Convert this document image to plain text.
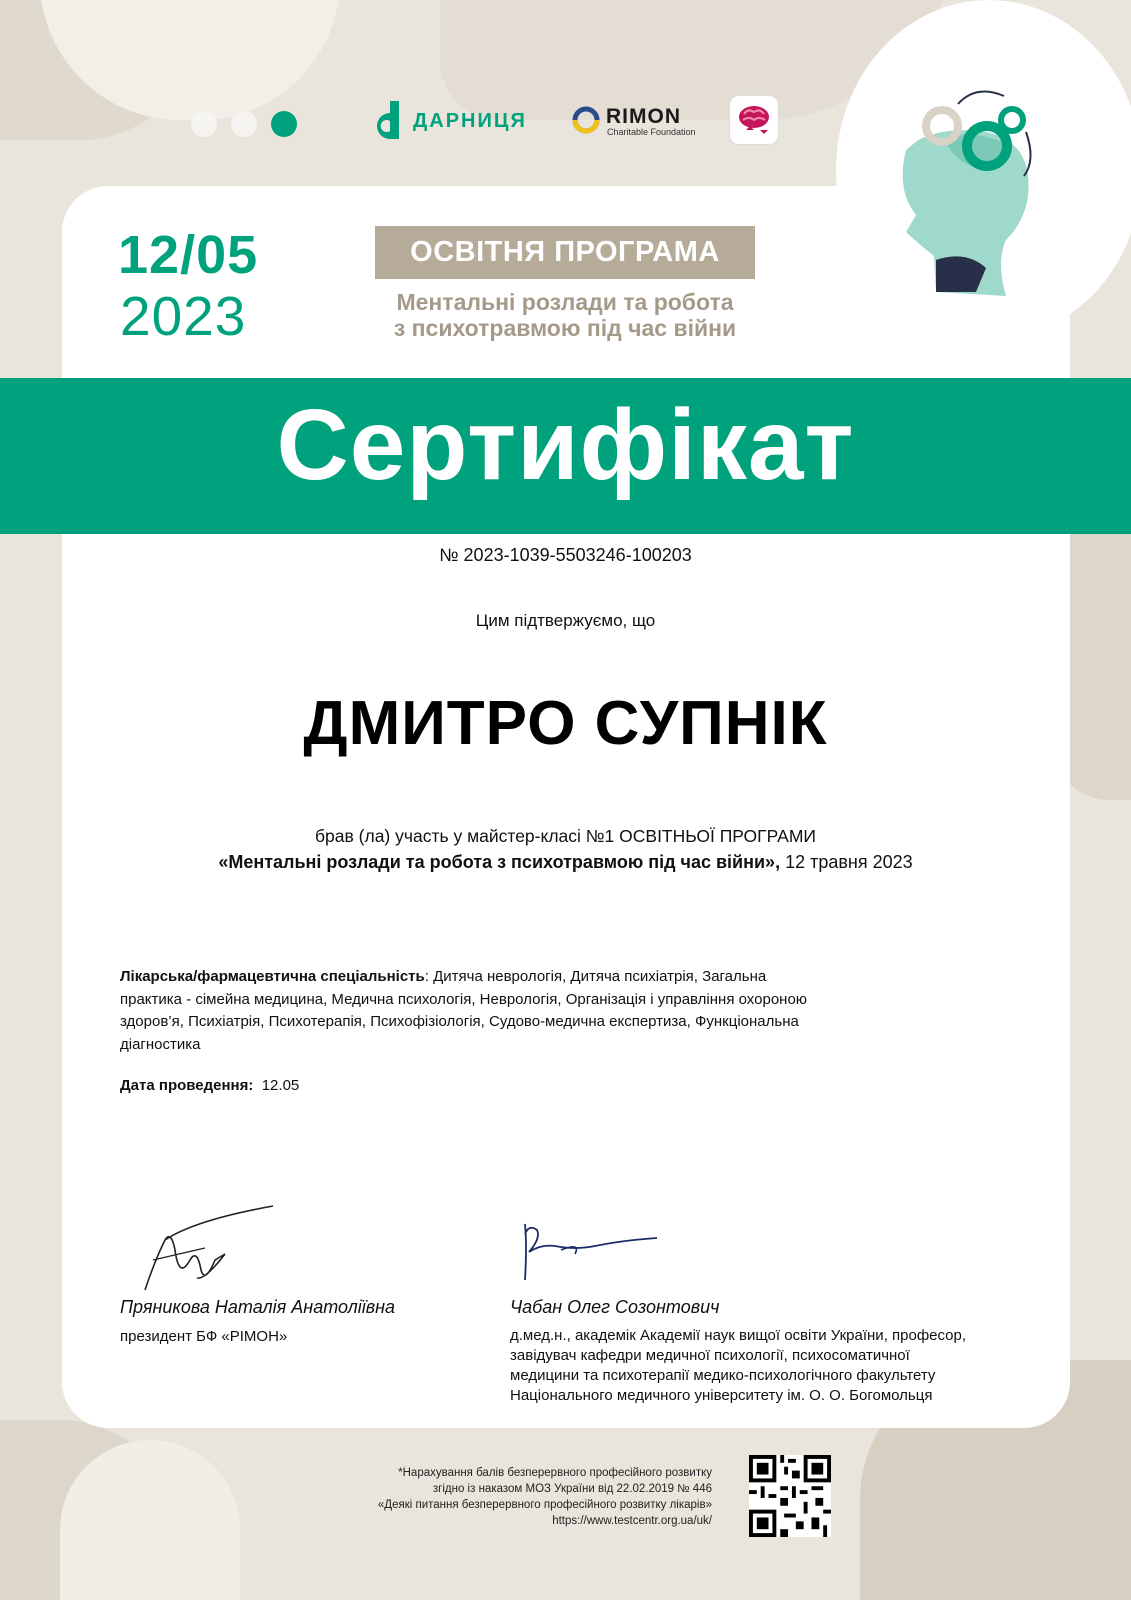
ДАРНИЦЯ	RIMON
Charitable Foundation
12/05
2023
ОСВІТНЯ ПРОГРАМА
Ментальні розлади та робота
з психотравмою під час війни
Сертифікат
№ 2023-1039-5503246-100203
Цим підтвержуємо, що
ДМИТРО СУПНІК
брав (ла) участь у майстер-класі №1 ОСВІТНЬОЇ ПРОГРАМИ
«Ментальні розлади та робота з психотравмою під час війни», 12 травня 2023
Лікарська/фармацевтична спеціальність: Дитяча неврологія, Дитяча психіатрія, Загальна практика - сімейна медицина, Медична психологія, Неврологія, Організація і управління охороною здоров’я, Психіатрія, Психотерапія, Психофізіологія, Судово-медична експертиза, Функціональна діагностика
Дата проведення: 12.05
Пряникова Наталія Анатоліївна
президент БФ «РІМОН»
Чабан Олег Созонтович
д.мед.н., академік Академії наук вищої освіти України, професор,
завідувач кафедри медичної психології, психосоматичної
медицини та психотерапії медико-психологічного факультету
Національного медичного університету ім. О. О. Богомольця
*Нарахування балів безперервного професійного розвитку
згідно із наказом МОЗ України від 22.02.2019 № 446
«Деякі питання безперервного професійного розвитку лікарів»
https://www.testcentr.org.ua/uk/
